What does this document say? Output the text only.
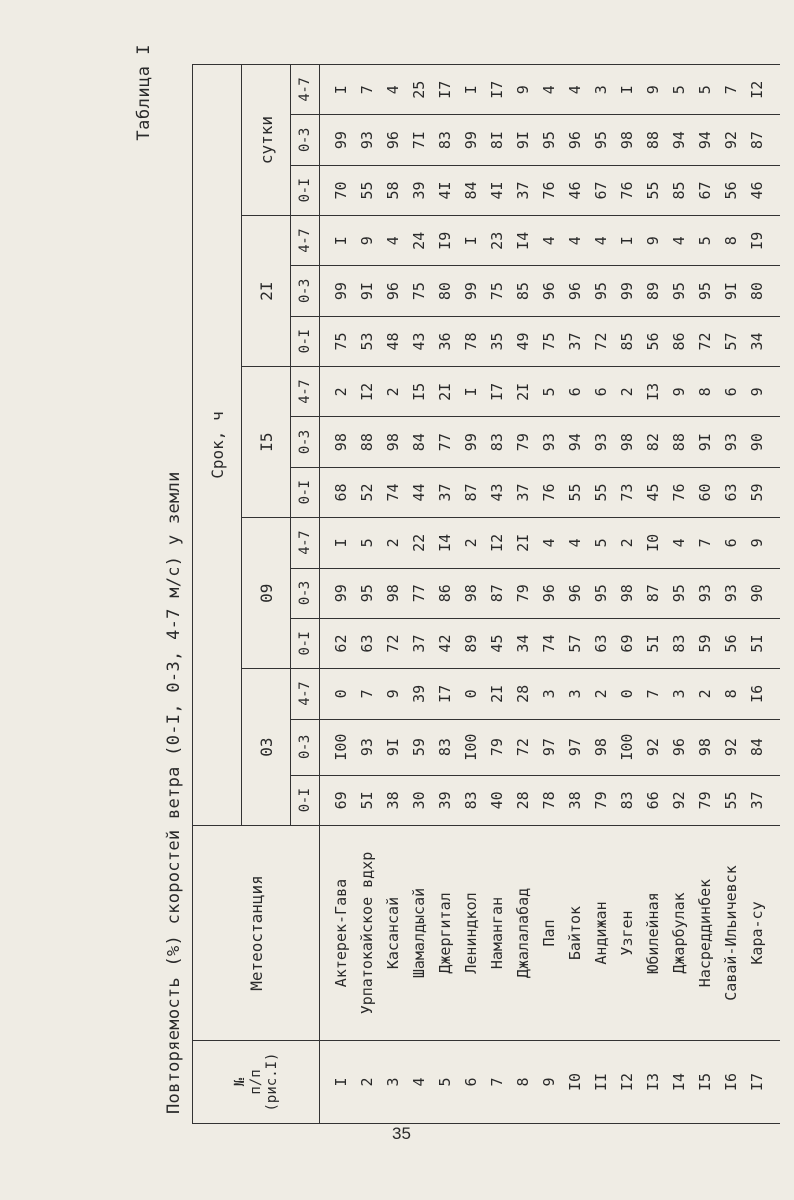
Таблица I
Повторяемость (%) скоростей ветра (0-I, 0-3, 4-7 м/с) у земли	№ п/п (рис.I)	Метеостанция	Срок, ч														
		03			09			I5			2I			сутки		
		0-I	0-3	4-7	0-I	0-3	4-7	0-I	0-3	4-7	0-I	0-3	4-7	0-I	0-3	4-7
I	Актерек-Гава	69	I00	0	62	99	I	68	98	2	75	99	I	70	99	I
2	Урпатокайское вдхр	5I	93	7	63	95	5	52	88	I2	53	9I	9	55	93	7
3	Касансай	38	9I	9	72	98	2	74	98	2	48	96	4	58	96	4
4	Шамалдысай	30	59	39	37	77	22	44	84	I5	43	75	24	39	7I	25
5	Джергитал	39	83	I7	42	86	I4	37	77	2I	36	80	I9	4I	83	I7
6	Лениндкол	83	I00	0	89	98	2	87	99	I	78	99	I	84	99	I
7	Наманган	40	79	2I	45	87	I2	43	83	I7	35	75	23	4I	8I	I7
8	Джалалабад	28	72	28	34	79	2I	37	79	2I	49	85	I4	37	9I	9
9	Пап	78	97	3	74	96	4	76	93	5	75	96	4	76	95	4
I0	Байток	38	97	3	57	96	4	55	94	6	37	96	4	46	96	4
II	Андижан	79	98	2	63	95	5	55	93	6	72	95	4	67	95	3
I2	Узген	83	I00	0	69	98	2	73	98	2	85	99	I	76	98	I
I3	Юбилейная	66	92	7	5I	87	I0	45	82	I3	56	89	9	55	88	9
I4	Джарбулак	92	96	3	83	95	4	76	88	9	86	95	4	85	94	5
I5	Насреддинбек	79	98	2	59	93	7	60	9I	8	72	95	5	67	94	5
I6	Савай-Ильичевск	55	92	8	56	93	6	63	93	6	57	9I	8	56	92	7
I7	Кара-су	37	84	I6	5I	90	9	59	90	9	34	80	I9	46	87	I2
35
